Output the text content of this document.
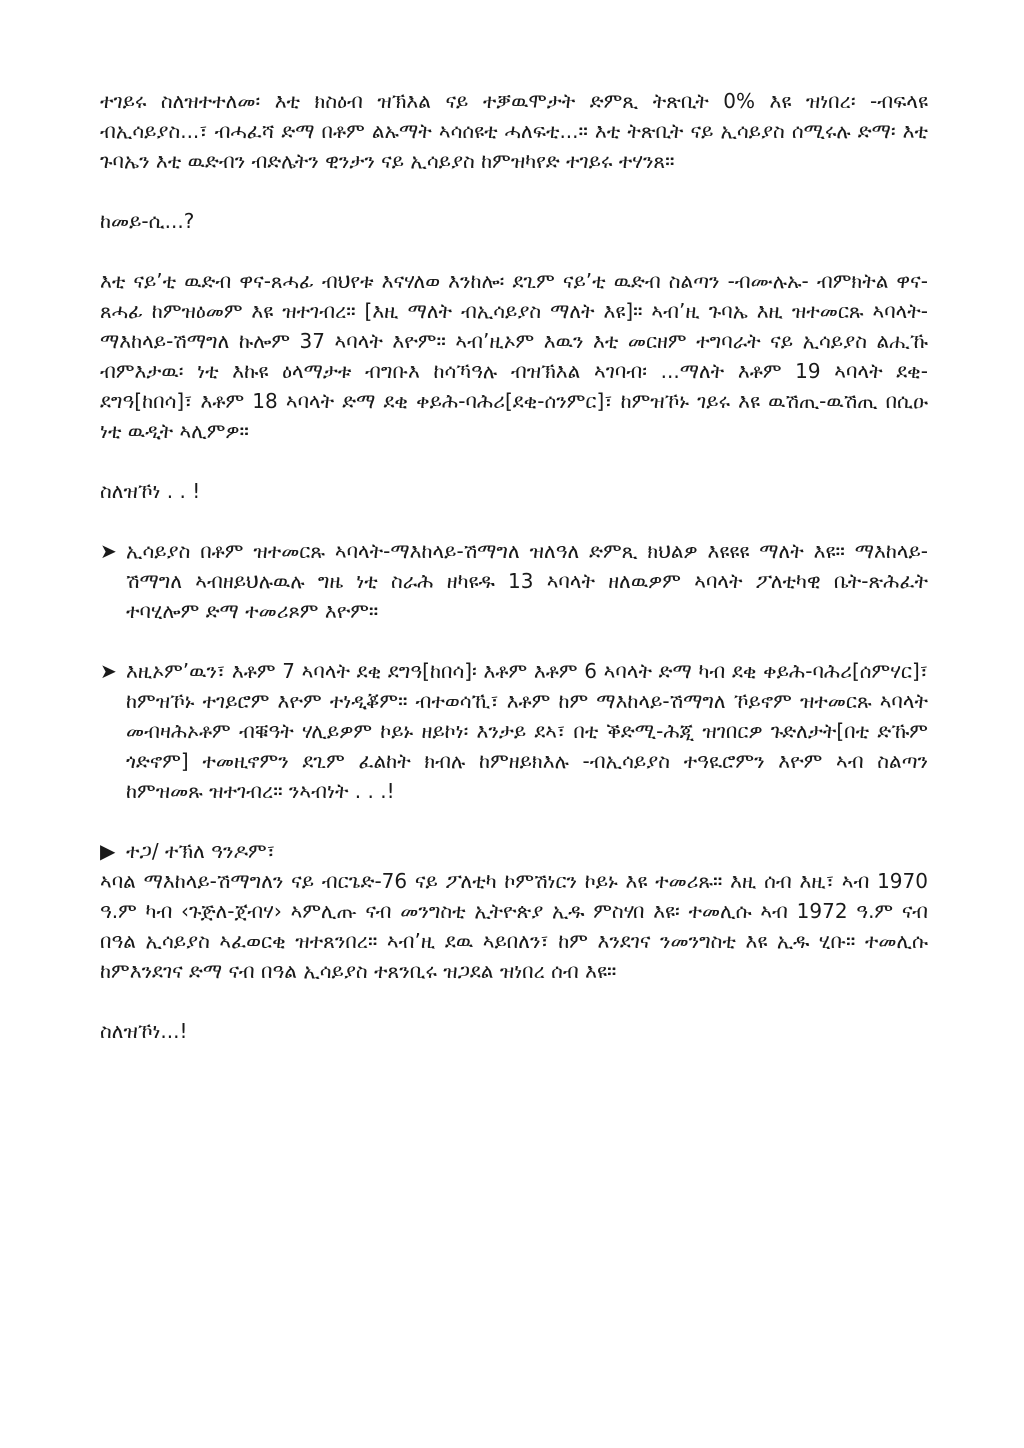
ተገይሩ ስለዝተተለመ፡ እቲ ክስዕብ ዝኽእል ናይ ተቓዉሞታት ድምጺ ትጽቢት 0% እዩ ዝነበረ፡ -ብፍላዩ ብኢሳይያስ...፣ ብሓፈሻ ድማ በቶም ልኡማት ኣሳሰዩቲ ሓለፍቲ...። እቲ ትጽቢት ናይ ኢሳይያስ ሰሚሩሉ ድማ፡ እቲ ጉባኤን እቲ ዉድብን ብድሌትን ዊንታን ናይ ኢሳይያስ ከምዝካየድ ተገይሩ ተሃንጸ።

ከመይ-ሲ...?

እቲ ናይ’ቲ ዉድብ ዋና-ጸሓፊ ብህየቱ እናሃለወ እንከሎ፡ ደጊም ናይ’ቲ ዉድብ ስልጣን -ብሙሉኡ- ብምክትል ዋና-ጸሓፊ ከምዝዕመም እዩ ዝተገብረ። [እዚ ማለት ብኢሳይያስ ማለት እዩ]። ኣብ’ዚ ጉባኤ እዚ ዝተመርጹ ኣባላት-ማእከላይ-ሽማግለ ኩሎም 37 ኣባላት እዮም። ኣብ’ዚኦም እዉን እቲ መርዘም ተግባራት ናይ ኢሳይያስ ልሒኹ ብምእታዉ፡ ነቲ እኩዩ ዕላማታቱ ብግቡእ ከሳኻዓሉ ብዝኽእል ኣገባብ፡ ...ማለት እቶም 19 ኣባላት ደቂ-ደግዓ[ከበሳ]፣ እቶም 18 ኣባላት ድማ ደቂ ቀይሕ-ባሕሪ[ደቂ-ሰንምር]፣ ከምዝኾኑ ገይሩ እዩ ዉሽጢ-ዉሽጢ በሲዑ ነቲ ዉዲት ኣሊምዎ።

ስለዝኾነ . . !

➤ ኢሳይያስ በቶም ዝተመርጹ ኣባላት-ማእከላይ-ሽማግለ ዝለዓለ ድምጺ ክህልዎ እዩዩዩ ማለት እዩ። ማእከላይ-ሽማግለ ኣብዘይህሉዉሉ ግዜ ነቲ ስራሕ ዘካዩዱ 13 ኣባላት ዘለዉዎም ኣባላት ፖለቲካዊ ቤት-ጽሕፈት ተባሂሎም ድማ ተመሪጾም እዮም።
➤ እዚኦም’ዉን፣ እቶም 7 ኣባላት ደቂ ደግዓ[ከበሳ]፡ እቶም እቶም 6 ኣባላት ድማ ካብ ደቂ ቀይሕ-ባሕሪ[ሰምሃር]፣ ከምዝኾኑ ተገይሮም እዮም ተነዲቖም። ብተወሳኺ፣ እቶም ከም ማእከላይ-ሽማግለ ኾይኖም ዝተመርጹ ኣባላት መብዛሕኦቶም ብቑዓት ሃሊይዎም ኮይኑ ዘይኮነ፡ እንታይ ደኣ፣ በቲ ቕድሚ-ሕጂ ዝገበርዎ ጉድለታት[በቲ ድኹም ጎድኖም] ተመዚኖምን ደጊም ፈልከት ክብሉ ከምዘይክእሉ -ብኢሳይያስ ተዓዪሮምን እዮም ኣብ ስልጣን ከምዝመጹ ዝተገብረ። ንኣብነት . . .!
▶ ተጋ/ ተኽለ ዓንዶም፣

ኣባል ማእከላይ-ሽማግለን ናይ ብርጌድ-76 ናይ ፖለቲካ ኮምሽነርን ኮይኑ እዩ ተመሪጹ። እዚ ሰብ እዚ፣ ኣብ 1970 ዓ.ም ካብ ‹ጉጅለ-ጀብሃ› ኣምሊጡ ናብ መንግስቲ ኢትዮጵያ ኢዱ ምስሃበ እዩ፡ ተመሊሱ ኣብ 1972 ዓ.ም ናብ በዓል ኢሳይያስ ኣፈወርቂ ዝተጸንበረ። ኣብ’ዚ ደዉ ኣይበለን፣ ከም እንደገና ንመንግስቲ እዩ ኢዱ ሂቡ። ተመሊሱ ከምእንደገና ድማ ናብ በዓል ኢሳይያስ ተጸንቢሩ ዝጋደል ዝነበረ ሰብ እዩ።

ስለዝኾነ...!
